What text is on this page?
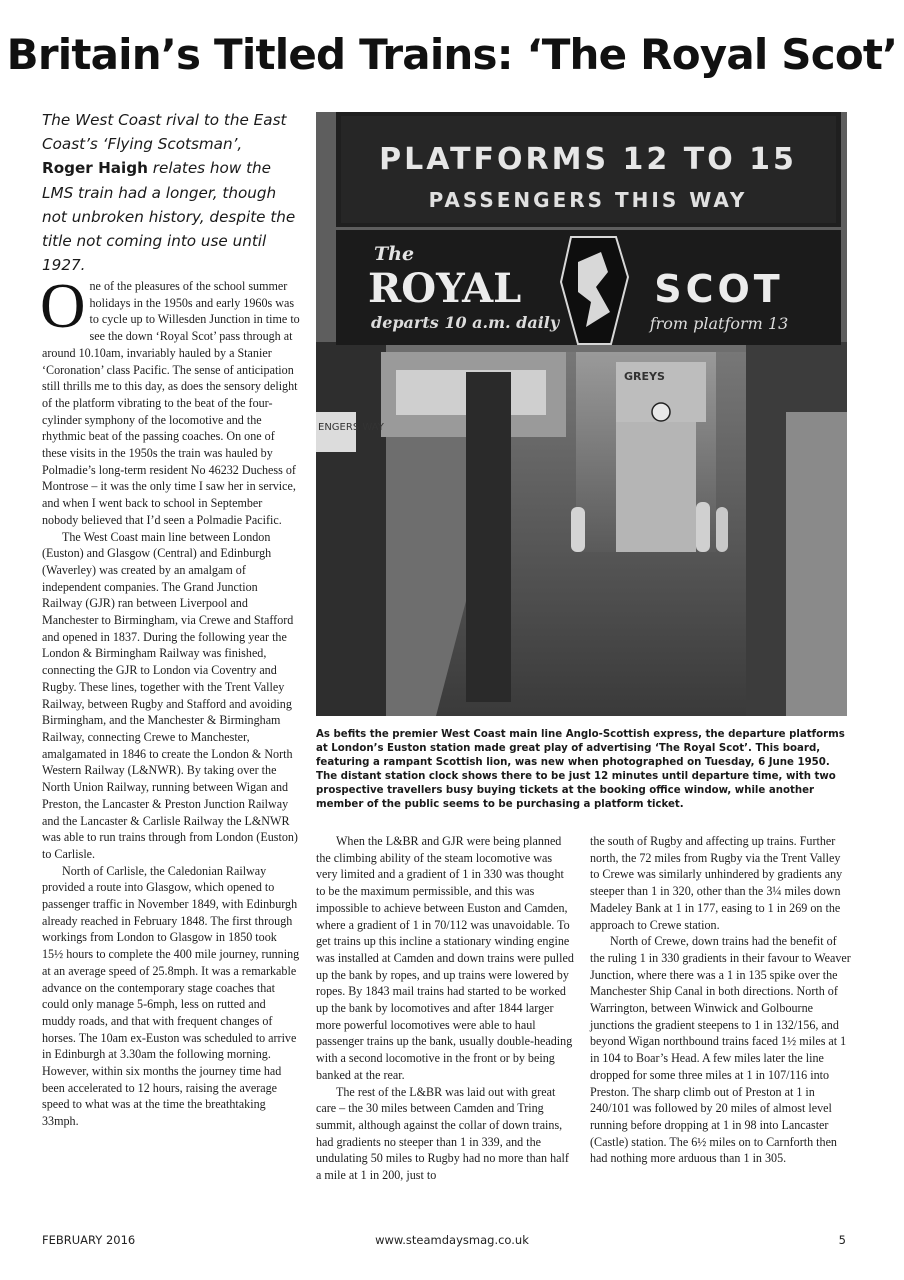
Britain’s Titled Trains: ‘The Royal Scot’

The West Coast rival to the East Coast’s ‘Flying Scotsman’,
Roger Haigh relates how the LMS train had a longer, though not unbroken history, despite the title not coming into use until 1927.

One of the pleasures of the school summer holidays in the 1950s and early 1960s was to cycle up to Willesden Junction in time to see the down ‘Royal Scot’ pass through at around 10.10am, invariably hauled by a Stanier ‘Coronation’ class Pacific. The sense of anticipation still thrills me to this day, as does the sensory delight of the platform vibrating to the beat of the four-cylinder symphony of the locomotive and the rhythmic beat of the passing coaches. On one of these visits in the 1950s the train was hauled by Polmadie’s long-term resident No 46232 Duchess of Montrose – it was the only time I saw her in service, and when I went back to school in September nobody believed that I’d seen a Polmadie Pacific.

The West Coast main line between London (Euston) and Glasgow (Central) and Edinburgh (Waverley) was created by an amalgam of independent companies. The Grand Junction Railway (GJR) ran between Liverpool and Manchester to Birmingham, via Crewe and Stafford and opened in 1837. During the following year the London & Birmingham Railway was finished, connecting the GJR to London via Coventry and Rugby. These lines, together with the Trent Valley Railway, between Rugby and Stafford and avoiding Birmingham, and the Manchester & Birmingham Railway, connecting Crewe to Manchester, amalgamated in 1846 to create the London & North Western Railway (L&NWR). By taking over the North Union Railway, running between Wigan and Preston, the Lancaster & Preston Junction Railway and the Lancaster & Carlisle Railway the L&NWR was able to run trains through from London (Euston) to Carlisle.

North of Carlisle, the Caledonian Railway provided a route into Glasgow, which opened to passenger traffic in November 1849, with Edinburgh already reached in February 1848. The first through workings from London to Glasgow in 1850 took 15½ hours to complete the 400 mile journey, running at an average speed of 25.8mph. It was a remarkable advance on the contemporary stage coaches that could only manage 5-6mph, less on rutted and muddy roads, and that with frequent changes of horses. The 10am ex-Euston was scheduled to arrive in Edinburgh at 3.30am the following morning. However, within six months the journey time had been accelerated to 12 hours, raising the average speed to what was at the time the breathtaking 33mph.

ENGERS WAY
GREYS
PLATFORMS 12 TO 15
PASSENGERS THIS WAY
The
ROYAL
departs 10 a.m. daily
SCOT
from platform 13

As befits the premier West Coast main line Anglo-Scottish express, the departure platforms at London’s Euston station made great play of advertising ‘The Royal Scot’. This board, featuring a rampant Scottish lion, was new when photographed on Tuesday, 6 June 1950. The distant station clock shows there to be just 12 minutes until departure time, with two prospective travellers busy buying tickets at the booking office window, while another member of the public seems to be purchasing a platform ticket.

When the L&BR and GJR were being planned the climbing ability of the steam locomotive was very limited and a gradient of 1 in 330 was thought to be the maximum permissible, and this was impossible to achieve between Euston and Camden, where a gradient of 1 in 70/112 was unavoidable. To get trains up this incline a stationary winding engine was installed at Camden and down trains were pulled up the bank by ropes, and up trains were lowered by ropes. By 1843 mail trains had started to be worked up the bank by locomotives and after 1844 larger more powerful locomotives were able to haul passenger trains up the bank, usually double-heading with a second locomotive in the front or by being banked at the rear.

The rest of the L&BR was laid out with great care – the 30 miles between Camden and Tring summit, although against the collar of down trains, had gradients no steeper than 1 in 339, and the undulating 50 miles to Rugby had no more than half a mile at 1 in 200, just to

the south of Rugby and affecting up trains. Further north, the 72 miles from Rugby via the Trent Valley to Crewe was similarly unhindered by gradients any steeper than 1 in 320, other than the 3¼ miles down Madeley Bank at 1 in 177, easing to 1 in 269 on the approach to Crewe station.

North of Crewe, down trains had the benefit of the ruling 1 in 330 gradients in their favour to Weaver Junction, where there was a 1 in 135 spike over the Manchester Ship Canal in both directions. North of Warrington, between Winwick and Golbourne junctions the gradient steepens to 1 in 132/156, and beyond Wigan northbound trains faced 1½ miles at 1 in 104 to Boar’s Head. A few miles later the line dropped for some three miles at 1 in 107/116 into Preston. The sharp climb out of Preston at 1 in 240/101 was followed by 20 miles of almost level running before dropping at 1 in 98 into Lancaster (Castle) station. The 6½ miles on to Carnforth then had nothing more arduous than 1 in 305.

FEBRUARY 2016	www.steamdaysmag.co.uk	5
